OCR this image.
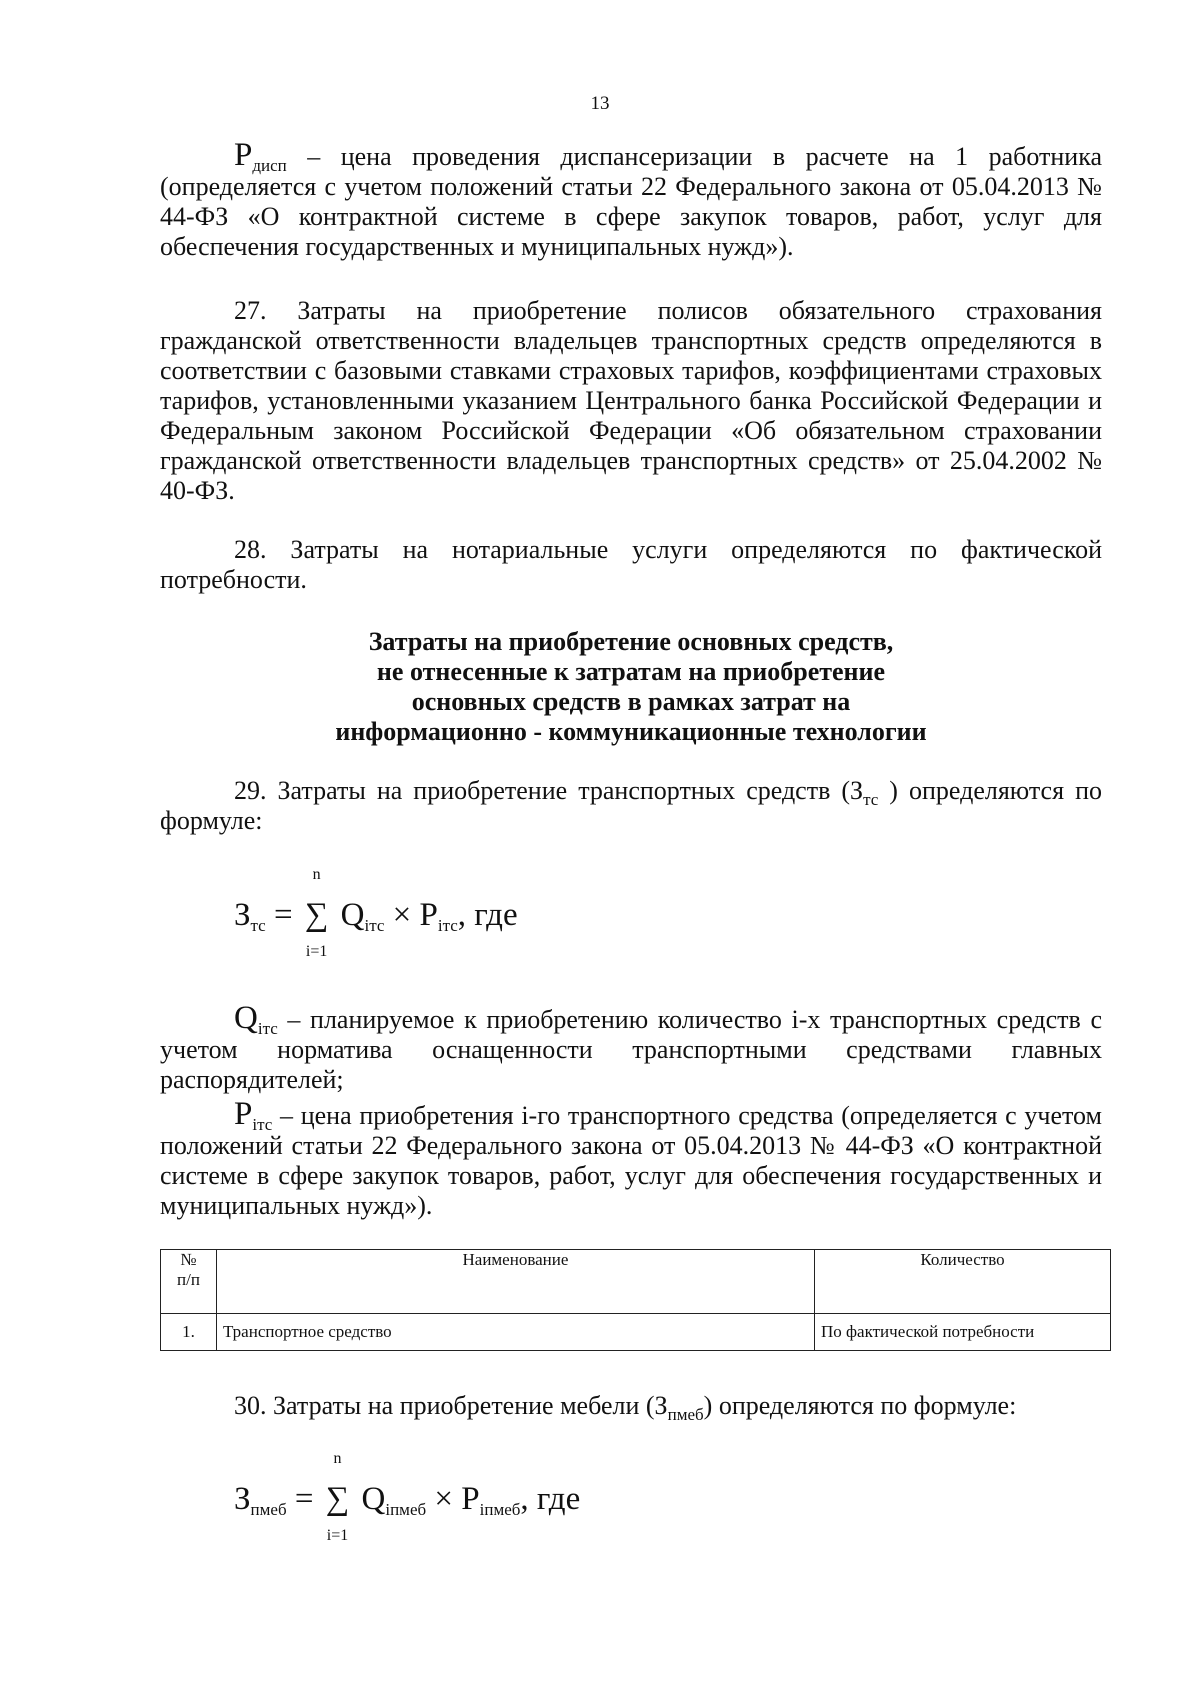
13

$P_{дисп}$ – цена проведения диспансеризации в расчете на 1 работника (определяется с учетом положений статьи 22 Федерального закона от 05.04.2013 № 44-ФЗ «О контрактной системе в сфере закупок товаров, работ, услуг для обеспечения государственных и муниципальных нужд»).

27. Затраты на приобретение полисов обязательного страхования гражданской ответственности владельцев транспортных средств определяются в соответствии с базовыми ставками страховых тарифов, коэффициентами страховых тарифов, установленными указанием Центрального банка Российской Федерации и Федеральным законом Российской Федерации «Об обязательном страховании гражданской ответственности владельцев транспортных средств» от 25.04.2002 № 40-ФЗ.

28. Затраты на нотариальные услуги определяются по фактической потребности.

Затраты на приобретение основных средств,
не отнесенные к затратам на приобретение
основных средств в рамках затрат на
информационно - коммуникационные технологии

29. Затраты на приобретение транспортных средств ($З_{тс}$ ) определяются по формуле:

$З_{тс}$ = ∑
n
i=1
$Q_{iтс} \times P_{iтс}$, где

$Q_{iтс}$ – планируемое к приобретению количество i-х транспортных средств с учетом норматива оснащенности транспортными средствами главных распорядителей;

$P_{iтс}$ – цена приобретения i-го транспортного средства (определяется с учетом положений статьи 22 Федерального закона от 05.04.2013 № 44-ФЗ «О контрактной системе в сфере закупок товаров, работ, услуг для обеспечения государственных и муниципальных нужд»).

№
п/п	Наименование	Количество
1.	Транспортное средство	По фактической потребности

30. Затраты на приобретение мебели $(З_{пмеб})$ определяются по формуле:

$З_{пмеб}$ = ∑
n
i=1
$Q_{iпмеб} \times P_{iпмеб}$, где
